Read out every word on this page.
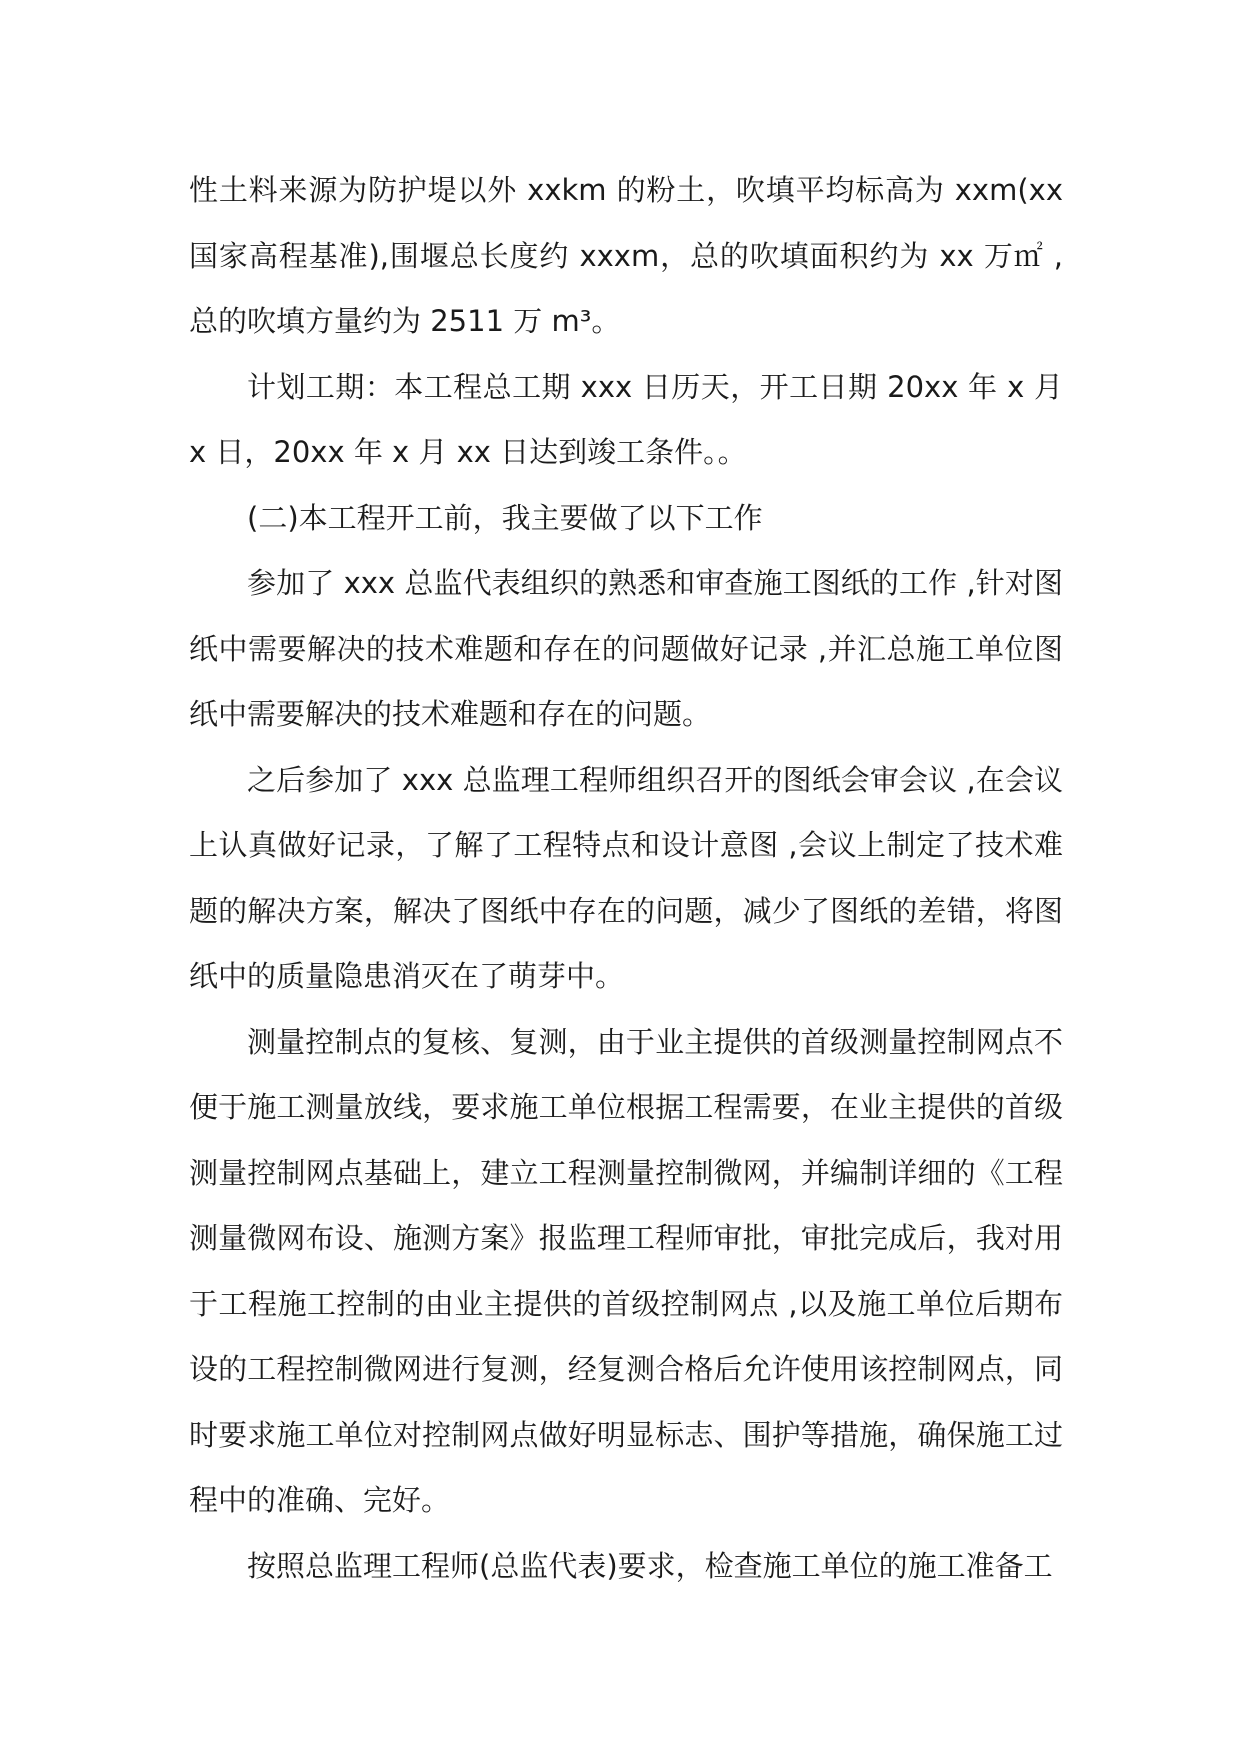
性土料来源为防护堤以外 xxkm 的粉土，吹填平均标高为 xxm(xx 国家高程基准),围堰总长度约 xxxm，总的吹填面积约为 xx 万㎡ ,总的吹填方量约为 2511 万 m³。

计划工期：本工程总工期 xxx 日历天，开工日期 20xx 年 x 月 x 日，20xx 年 x 月 xx 日达到竣工条件。。

(二)本工程开工前，我主要做了以下工作

参加了 xxx 总监代表组织的熟悉和审查施工图纸的工作 ,针对图纸中需要解决的技术难题和存在的问题做好记录 ,并汇总施工单位图纸中需要解决的技术难题和存在的问题。

之后参加了 xxx 总监理工程师组织召开的图纸会审会议 ,在会议上认真做好记录，了解了工程特点和设计意图 ,会议上制定了技术难题的解决方案，解决了图纸中存在的问题，减少了图纸的差错，将图纸中的质量隐患消灭在了萌芽中。

测量控制点的复核、复测，由于业主提供的首级测量控制网点不便于施工测量放线，要求施工单位根据工程需要，在业主提供的首级测量控制网点基础上，建立工程测量控制微网，并编制详细的《工程测量微网布设、施测方案》报监理工程师审批，审批完成后，我对用于工程施工控制的由业主提供的首级控制网点 ,以及施工单位后期布设的工程控制微网进行复测，经复测合格后允许使用该控制网点，同时要求施工单位对控制网点做好明显标志、围护等措施，确保施工过程中的准确、完好。

按照总监理工程师(总监代表)要求，检查施工单位的施工准备工
